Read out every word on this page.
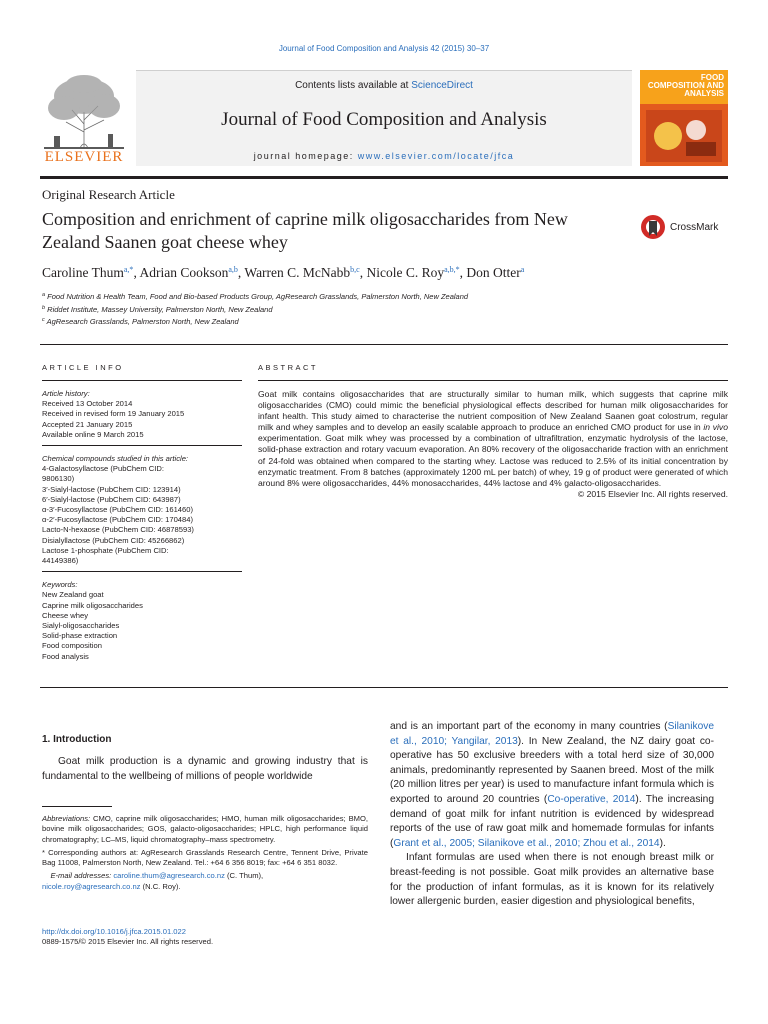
Journal of Food Composition and Analysis 42 (2015) 30–37
ELSEVIER
Contents lists available at ScienceDirect
Journal of Food Composition and Analysis
journal homepage: www.elsevier.com/locate/jfca
FOOD COMPOSITION AND ANALYSIS
Original Research Article
Composition and enrichment of caprine milk oligosaccharides from New Zealand Saanen goat cheese whey
CrossMark
Caroline Thum$^{a,*}$, Adrian Cookson$^{a,b}$, Warren C. McNabb$^{b,c}$, Nicole C. Roy$^{a,b,*}$, Don Otter$^a$
$^a$ Food Nutrition & Health Team, Food and Bio-based Products Group, AgResearch Grasslands, Palmerston North, New Zealand
$^b$ Riddet Institute, Massey University, Palmerston North, New Zealand
$^c$ AgResearch Grasslands, Palmerston North, New Zealand
ARTICLE INFO
Article history:
Received 13 October 2014
Received in revised form 19 January 2015
Accepted 21 January 2015
Available online 9 March 2015
Chemical compounds studied in this article:
4-Galactosyllactose (PubChem CID:
9806130)
3′-Sialyl-lactose (PubChem CID: 123914)
6′-Sialyl-lactose (PubChem CID: 643987)
α-3′-Fucosyllactose (PubChem CID: 161460)
α-2′-Fucosyllactose (PubChem CID: 170484)
Lacto-N-hexaose (PubChem CID: 46878593)
Disialyllactose (PubChem CID: 45266862)
Lactose 1-phosphate (PubChem CID:
44149386)
Keywords:
New Zealand goat
Caprine milk oligosaccharides
Cheese whey
Sialyl-oligosaccharides
Solid-phase extraction
Food composition
Food analysis
ABSTRACT

Goat milk contains oligosaccharides that are structurally similar to human milk, which suggests that caprine milk oligosaccharides (CMO) could mimic the beneficial physiological effects described for human milk oligosaccharides for infant health. This study aimed to characterise the nutrient composition of New Zealand Saanen goat colostrum, regular milk and whey samples and to develop an easily scalable approach to produce an enriched CMO product for use in in vivo experimentation. Goat milk whey was processed by a combination of ultrafiltration, enzymatic hydrolysis of the lactose, solid-phase extraction and rotary vacuum evaporation. An 80% recovery of the oligosaccharide fraction with an enrichment of 24-fold was obtained when compared to the starting whey. Lactose was reduced to 2.5% of its initial concentration by enzymatic treatment. From 8 batches (approximately 1200 mL per batch) of whey, 19 g of product were generated of which around 8% were oligosaccharides, 44% monosaccharides, 44% lactose and 4% galacto-oligosaccharides.

© 2015 Elsevier Inc. All rights reserved.
1. Introduction

Goat milk production is a dynamic and growing industry that is fundamental to the wellbeing of millions of people worldwide

Abbreviations: CMO, caprine milk oligosaccharides; HMO, human milk oligosaccharides; BMO, bovine milk oligosaccharides; GOS, galacto-oligosaccharides; HPLC, high performance liquid chromatography; LC–MS, liquid chromatography–mass spectrometry.

* Corresponding authors at: AgResearch Grasslands Research Centre, Tennent Drive, Private Bag 11008, Palmerston North, New Zealand. Tel.: +64 6 356 8019; fax: +64 6 351 8032.

E-mail addresses: caroline.thum@agresearch.co.nz (C. Thum),
nicole.roy@agresearch.co.nz (N.C. Roy).

http://dx.doi.org/10.1016/j.jfca.2015.01.022
0889-1575/© 2015 Elsevier Inc. All rights reserved.

and is an important part of the economy in many countries (Silanikove et al., 2010; Yangilar, 2013). In New Zealand, the NZ dairy goat co-operative has 50 exclusive breeders with a total herd size of 30,000 animals, predominantly represented by Saanen breed. Most of the milk (20 million litres per year) is used to manufacture infant formula which is exported to around 20 countries (Co-operative, 2014). The increasing demand of goat milk for infant nutrition is evidenced by widespread reports of the use of raw goat milk and homemade formulas for infants (Grant et al., 2005; Silanikove et al., 2010; Zhou et al., 2014).

Infant formulas are used when there is not enough breast milk or breast-feeding is not possible. Goat milk provides an alternative base for the production of infant formulas, as it is known for its relatively lower allergenic burden, easier digestion and physiological benefits,
